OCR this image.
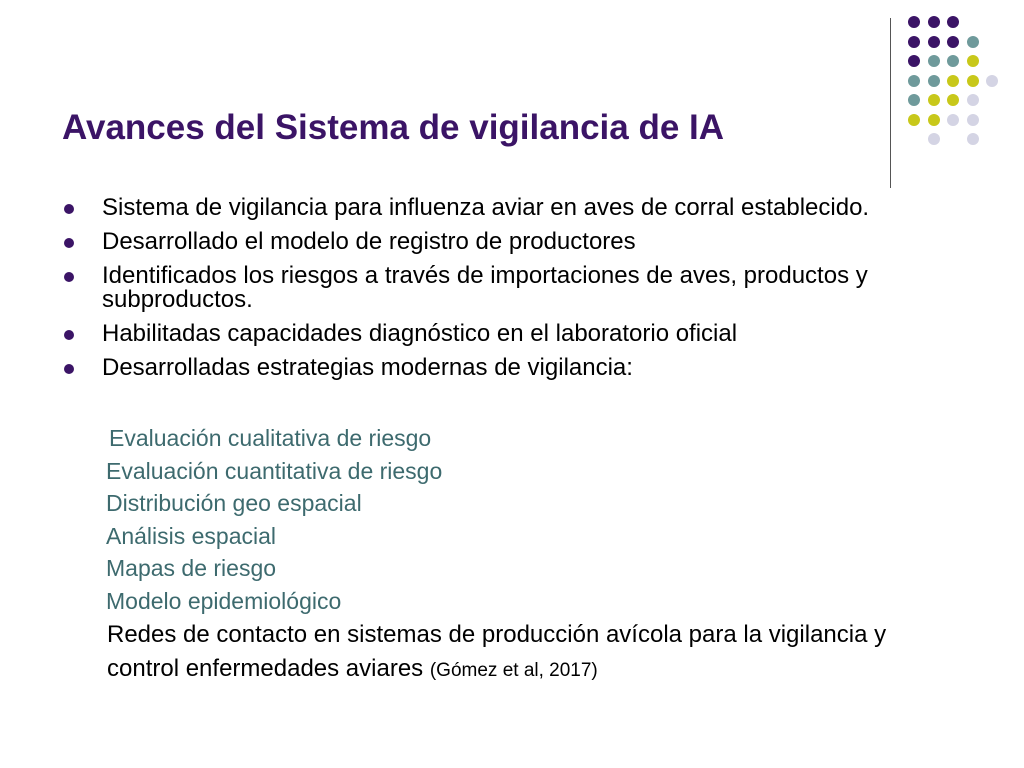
Avances del Sistema de vigilancia de IA
Sistema de vigilancia para influenza aviar en aves de corral establecido.
Desarrollado el modelo de registro de productores
Identificados los riesgos a través de importaciones de aves, productos y subproductos.
Habilitadas capacidades diagnóstico en el laboratorio oficial
Desarrolladas estrategias modernas de vigilancia:
Evaluación cualitativa de riesgo
Evaluación cuantitativa de riesgo
Distribución geo espacial
Análisis espacial
Mapas de riesgo
Modelo epidemiológico
Redes de contacto en sistemas de producción avícola para la vigilancia y control enfermedades aviares (Gómez et al, 2017)
